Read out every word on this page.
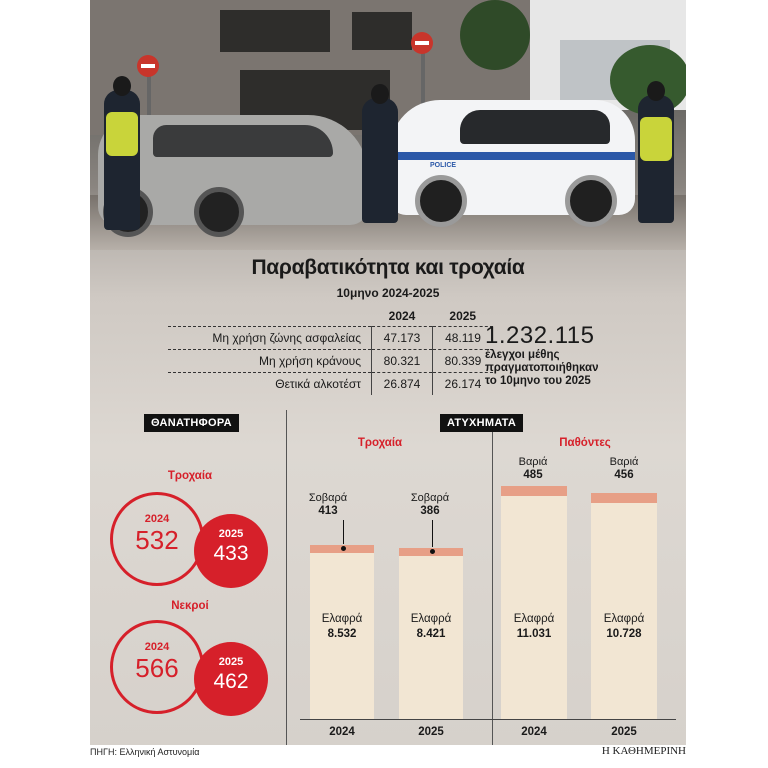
POLICE
Παραβατικότητα και τροχαία
10μηνο 2024-2025
	2024	2025
Μη χρήση ζώνης ασφαλείας	47.173	48.119
Μη χρήση κράνους	80.321	80.339
Θετικά αλκοτέστ	26.874	26.174
1.232.115
έλεγχοι μέθης
πραγματοποιήθηκαν
το 10μηνο του 2025
ΘΑΝΑΤΗΦΟΡΑ
Τροχαία
2024
532	2025
433
Νεκροί
2024
566	2025
462
ΑΤΥΧΗΜΑΤΑ
Τροχαία	Παθόντες
Σοβαρά
413
Ελαφρά
8.532
Σοβαρά
386
Ελαφρά
8.421
Βαριά
485
Ελαφρά
11.031
Βαριά
456
Ελαφρά
10.728
2024	2025	2024	2025
ΠΗΓΗ: Ελληνική Αστυνομία	Η ΚΑΘΗΜΕΡΙΝΗ
